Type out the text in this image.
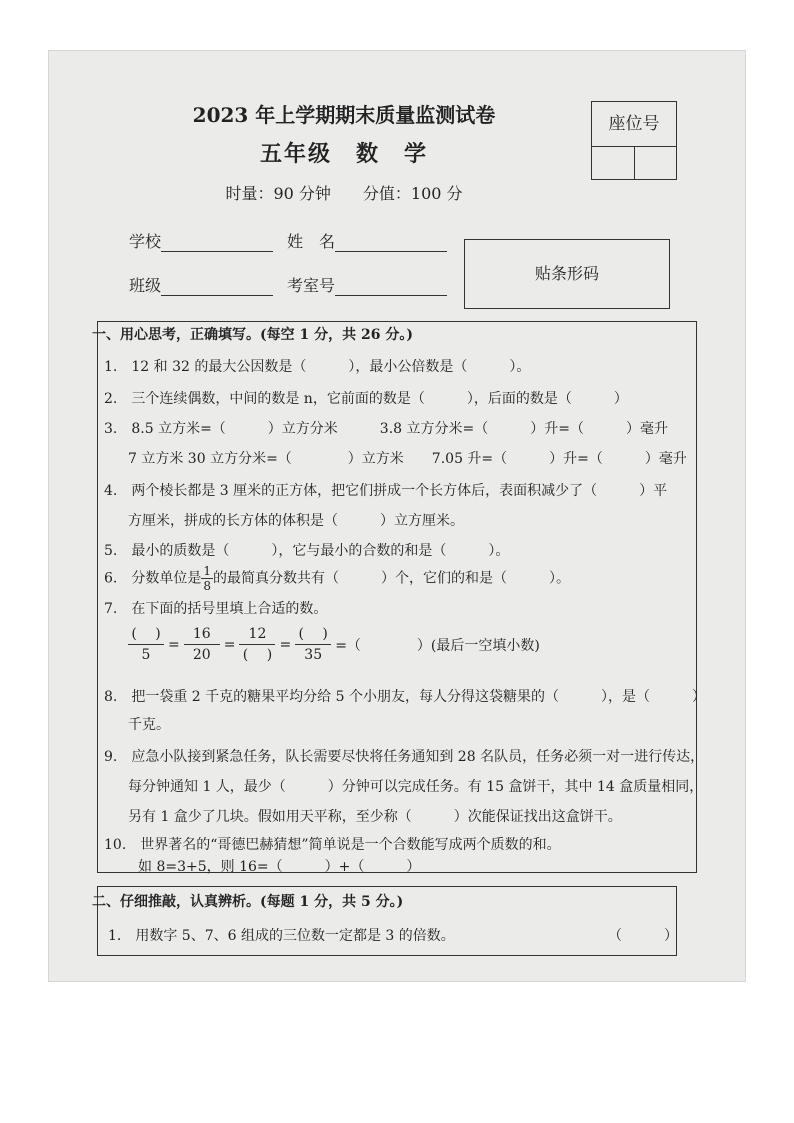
2023 年上学期期末质量监测试卷
五年级　数　学
时量：90 分钟　　分值：100 分
座位号
学校	姓　名
班级	考室号
贴条形码
一、用心思考，正确填写。(每空 1 分，共 26 分。)
1.　12 和 32 的最大公因数是（　　　），最小公倍数是（　　　）。
2.　三个连续偶数，中间的数是 n，它前面的数是（　　　），后面的数是（　　　）
3.　8.5 立方米=（　　　）立方分米　　　3.8 立方分米=（　　　）升=（　　　）毫升
7 立方米 30 立方分米=（　　　　）立方米　　7.05 升=（　　　）升=（　　　）毫升
4.　两个棱长都是 3 厘米的正方体，把它们拼成一个长方体后，表面积减少了（　　　）平
方厘米，拼成的长方体的体积是（　　　）立方厘米。
5.　最小的质数是（　　　），它与最小的合数的和是（　　　）。
6.　分数单位是 $\frac{1}{8}$ 的最简真分数共有（　　　）个，它们的和是（　　　）。
7.　在下面的括号里填上合适的数。
(　 )
5
= $\frac{16}{20}$ =
12
(　 )
=
(　 )
35
=（　　　　）(最后一空填小数)
8.　把一袋重 2 千克的糖果平均分给 5 个小朋友，每人分得这袋糖果的（　　　），是（　　　）
千克。
9.　应急小队接到紧急任务，队长需要尽快将任务通知到 28 名队员，任务必须一对一进行传达，
每分钟通知 1 人，最少（　　　）分钟可以完成任务。有 15 盒饼干，其中 14 盒质量相同，
另有 1 盒少了几块。假如用天平称，至少称（　　　）次能保证找出这盒饼干。
10.　世界著名的“哥德巴赫猜想”简单说是一个合数能写成两个质数的和。
如 8=3+5，则 16=（　　　）+（　　　）
二、仔细推敲，认真辨析。(每题 1 分，共 5 分。)
1.　用数字 5、7、6 组成的三位数一定都是 3 的倍数。	（　　　）
